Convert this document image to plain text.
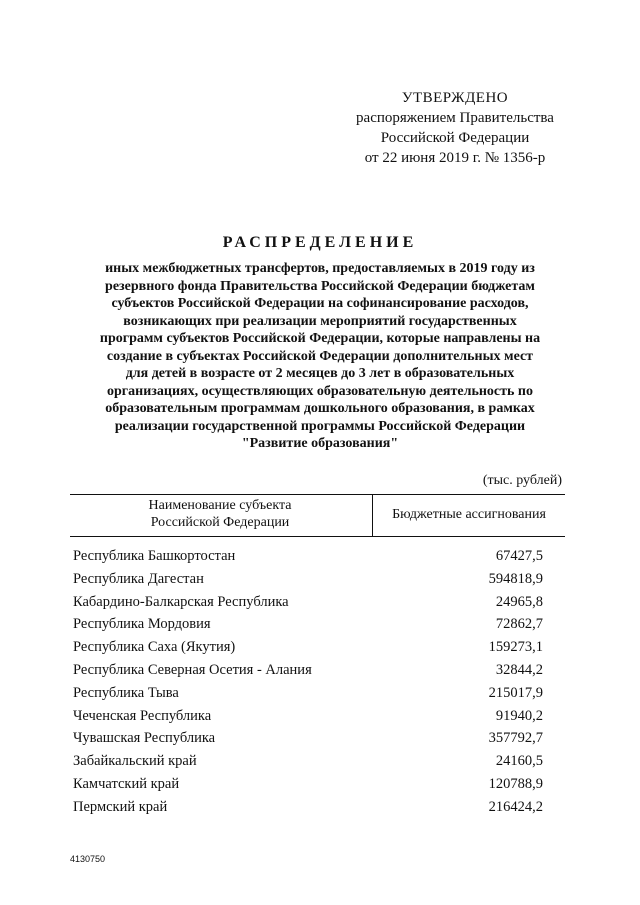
УТВЕРЖДЕНО
распоряжением Правительства
Российской Федерации
от 22 июня 2019 г. № 1356-р
РАСПРЕДЕЛЕНИЕ
иных межбюджетных трансфертов, предоставляемых в 2019 году из
резервного фонда Правительства Российской Федерации бюджетам
субъектов Российской Федерации на софинансирование расходов,
возникающих при реализации мероприятий государственных
программ субъектов Российской Федерации, которые направлены на
создание в субъектах Российской Федерации дополнительных мест
для детей в возрасте от 2 месяцев до 3 лет в образовательных
организациях, осуществляющих образовательную деятельность по
образовательным программам дошкольного образования, в рамках
реализации государственной программы Российской Федерации
"Развитие образования"
(тыс. рублей)
Наименование субъекта
Российской Федерации
Бюджетные ассигнования
Республика Башкортостан	67427,5
Республика Дагестан	594818,9
Кабардино-Балкарская Республика	24965,8
Республика Мордовия	72862,7
Республика Саха (Якутия)	159273,1
Республика Северная Осетия - Алания	32844,2
Республика Тыва	215017,9
Чеченская Республика	91940,2
Чувашская Республика	357792,7
Забайкальский край	24160,5
Камчатский край	120788,9
Пермский край	216424,2
4130750
